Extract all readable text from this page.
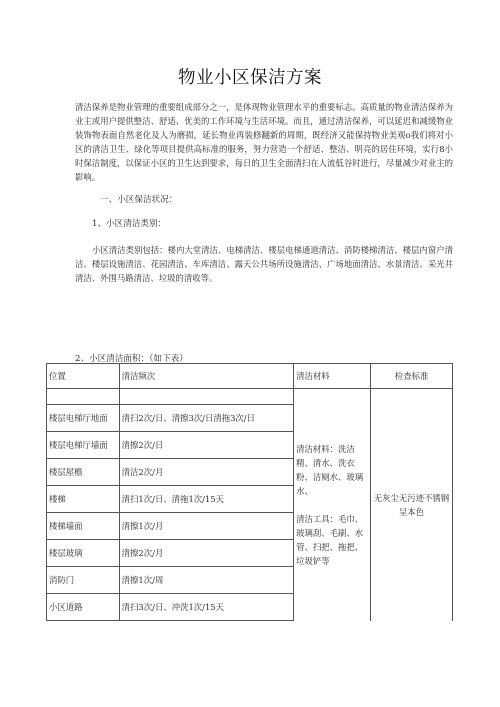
物业小区保洁方案
清洁保养是物业管理的重要组成部分之一，是体现物业管理水平的重要标志。高质量的物业清洁保养为业主或用户提供整洁、舒适、优美的工作环境与生活环境。而且，通过清洁保养，可以延迟和减缓物业装饰物表面自然老化及人为磨损，延长物业再装修翻新的周期，既经济又能保持物业美观o我们将对小区的清洁卫生、绿化等项目提供高标准的服务，努力营造一个舒适、整洁、明亮的居住环境，实行8小时保洁制度，以保证小区的卫生达到要求，每日的卫生全面清扫在人流低谷时进行，尽量减少对业主的影响。
一、小区保洁状况：
1、小区清洁类别：
小区清洁类别包括：楼内大堂清洁、电梯清洁、楼层电梯通道清洁、消防楼梯清洁、楼层内窗户清洁、楼层设施清洁、花园清洁、车库清洁、露天公共场所设施清洁、广场地面清洁、水景清洁、采光井清洁、外围马路清洁、垃圾的清收等。
2、小区清洁面积：（如下表）
位置	清洁频次	清洁材料	检查标准

		清洁材料：洗洁精、清水、洗衣粉、洁厕水、玻璃水、
清洁工具：毛巾、玻璃刮、毛刷、水管、扫把、拖把、垃圾铲等	无灰尘无污迹不锈钢呈本色
楼层电梯厅地面	清扫2次/日、清擦3次/日清拖3次/日		
楼层电梯厅墙面	清擦2次/日		
楼层屋檐	清洁2次/月		
楼梯	清扫1次/日、清拖1次/15天		
楼梯墙面	清擦1次/月		
楼层玻璃	清擦2次/月		
消防门	清擦1次/周		
小区道路	清扫3次/日、冲洗1次/15天		
